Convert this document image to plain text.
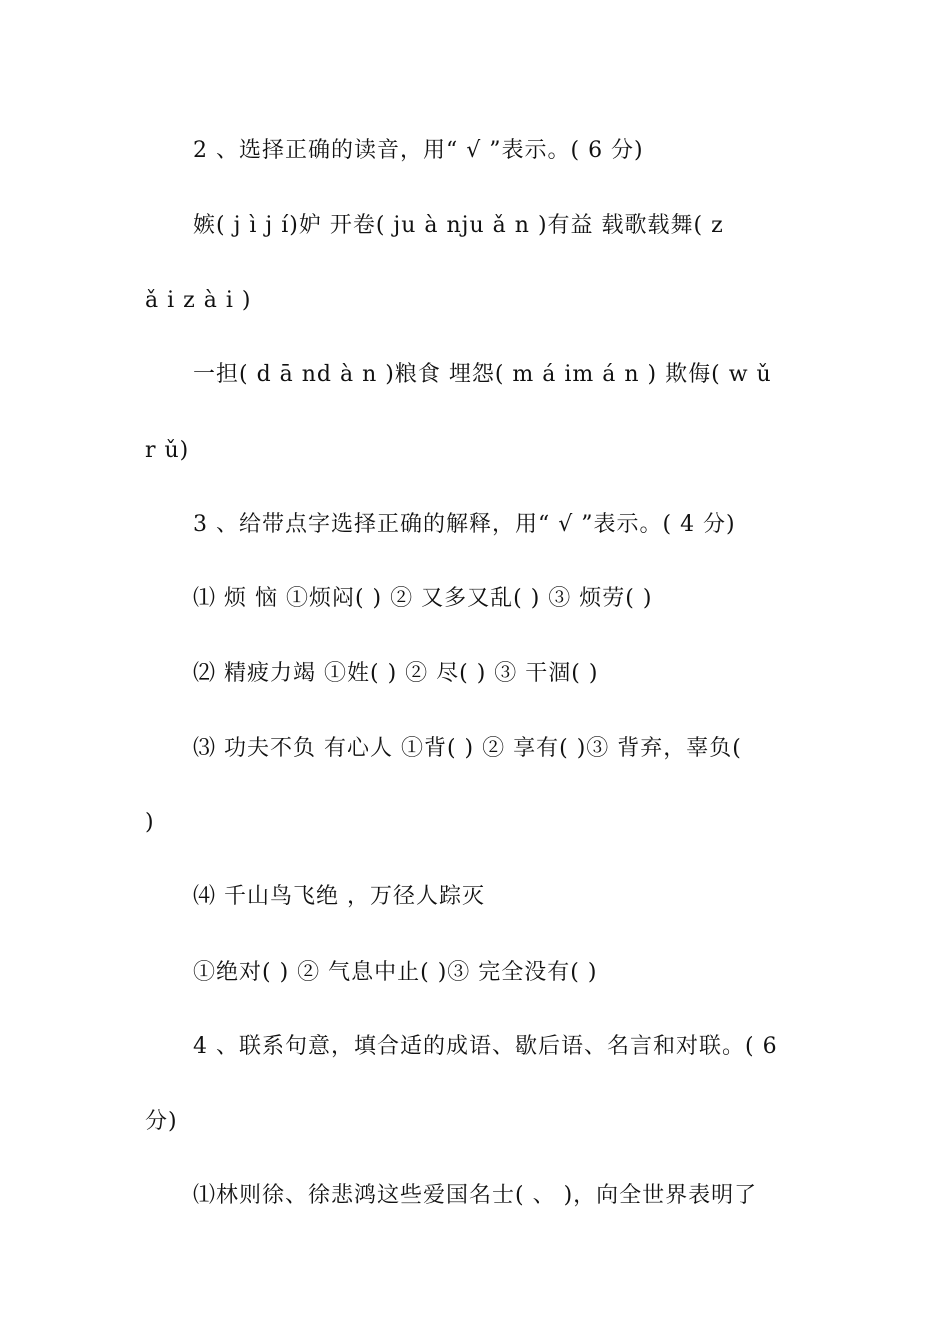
2 、选择正确的读音，用“ √ ”表示。( 6 分)
嫉( j ì j í)妒 开卷( ju à nju ǎ n )有益 载歌载舞( z
ǎ i z à i )
一担( d ā nd à n )粮食 埋怨( m á im á n ) 欺侮( w ǔ
r ǔ)
3 、给带点字选择正确的解释，用“ √ ”表示。( 4 分)
⑴ 烦 恼 ①烦闷( ) ② 又多又乱( ) ③ 烦劳( )
⑵ 精疲力竭 ①姓( ) ② 尽( ) ③ 干涸( )
⑶ 功夫不负 有心人 ①背( ) ② 享有( )③ 背弃，辜负(
)
⑷ 千山鸟飞绝 ，万径人踪灭
①绝对( ) ② 气息中止( )③ 完全没有( )
4 、联系句意，填合适的成语、歇后语、名言和对联。( 6
分)
⑴林则徐、徐悲鸿这些爱国名士( 、 )，向全世界表明了
